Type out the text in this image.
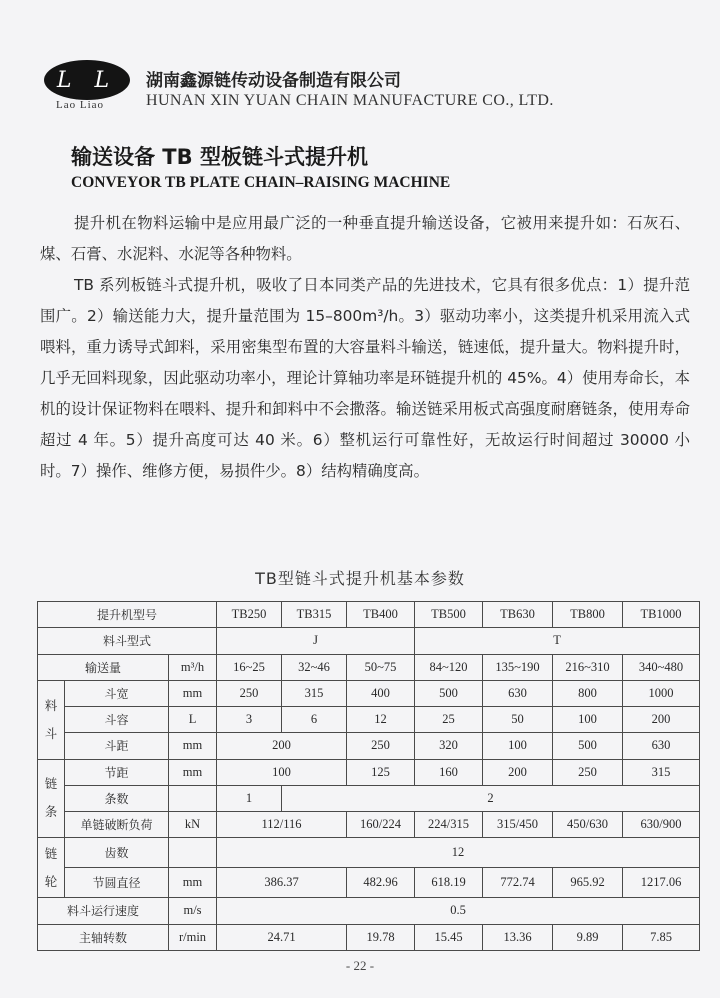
L L
Lao Liao
湖南鑫源链传动设备制造有限公司
HUNAN XIN YUAN CHAIN MANUFACTURE CO., LTD.
输送设备 TB 型板链斗式提升机
CONVEYOR TB PLATE CHAIN–RAISING MACHINE

提升机在物料运输中是应用最广泛的一种垂直提升输送设备，它被用来提升如：石灰石、煤、石膏、水泥料、水泥等各种物料。

TB 系列板链斗式提升机，吸收了日本同类产品的先进技术，它具有很多优点：1）提升范围广。2）输送能力大，提升量范围为 15–800m³/h。3）驱动功率小，这类提升机采用流入式喂料，重力诱导式卸料，采用密集型布置的大容量料斗输送，链速低，提升量大。物料提升时，几乎无回料现象，因此驱动功率小，理论计算轴功率是环链提升机的 45%。4）使用寿命长，本机的设计保证物料在喂料、提升和卸料中不会撒落。输送链采用板式高强度耐磨链条，使用寿命超过 4 年。5）提升高度可达 40 米。6）整机运行可靠性好，无故运行时间超过 30000 小时。7）操作、维修方便，易损件少。8）结构精确度高。

TB型链斗式提升机基本参数
提升机型号			TB250	TB315	TB400	TB500	TB630	TB800	TB1000
料斗型式			J			T			
输送量		m³/h	16~25	32~46	50~75	84~120	135~190	216~310	340~480
料
斗	斗宽	mm	250	315	400	500	630	800	1000
	斗容	L	3	6	12	25	50	100	200
	斗距	mm	200		250	320	100	500	630
链
条	节距	mm	100		125	160	200	250	315
	条数		1	2					
	单链破断负荷	kN	112/116		160/224	224/315	315/450	450/630	630/900
链
轮	齿数		12						
	节圆直径	mm	386.37		482.96	618.19	772.74	965.92	1217.06
料斗运行速度		m/s	0.5						
主轴转数		r/min	24.71		19.78	15.45	13.36	9.89	7.85
- 22 -
